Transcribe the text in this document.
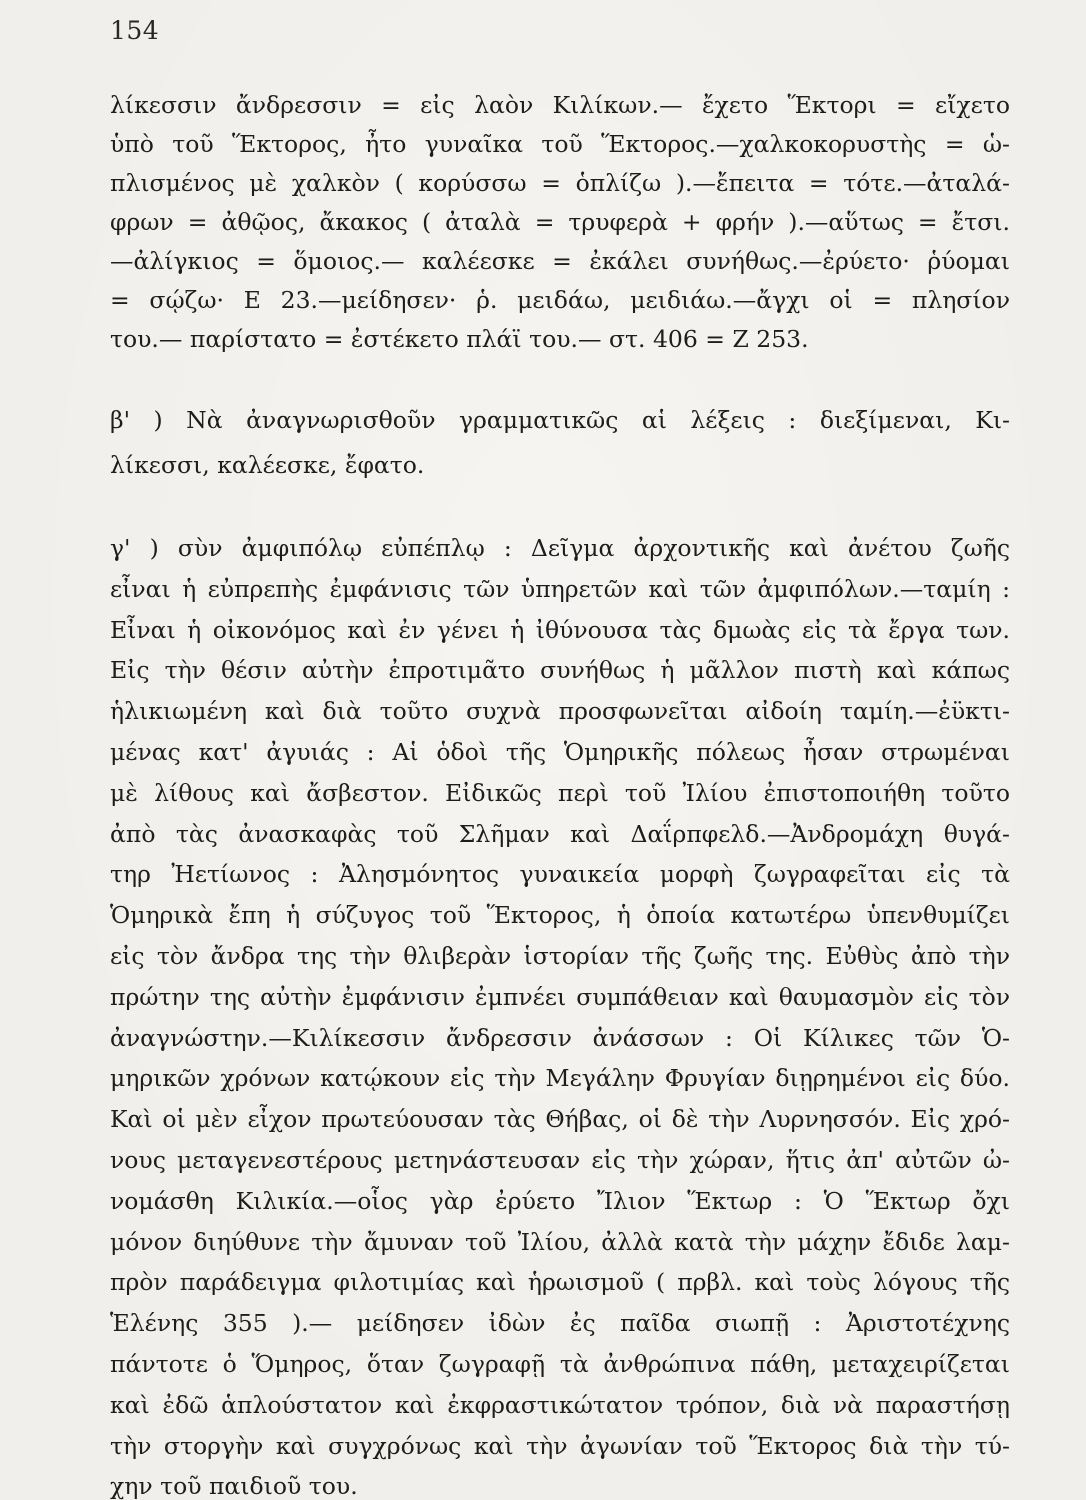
154
λίκεσσιν ἄνδρεσσιν = εἰς λαὸν Κιλίκων.— ἔχετο Ἕκτορι = εἴχετο
ὑπὸ τοῦ Ἕκτορος, ἦτο γυναῖκα τοῦ Ἕκτορος.—χαλκοκορυστὴς = ὡ-
πλισμένος μὲ χαλκὸν ( κορύσσω = ὁπλίζω ).—ἔπειτα = τότε.—ἀταλά-
φρων = ἀθῷος, ἄκακος ( ἀταλὰ = τρυφερὰ + φρήν ).—αὕτως = ἔτσι.
—ἀλίγκιος = ὅμοιος.— καλέεσκε = ἐκάλει συνήθως.—ἐρύετο· ῥύομαι
= σῴζω· Ε 23.—μείδησεν· ῥ. μειδάω, μειδιάω.—ἄγχι οἱ = πλησίον
του.— παρίστατο = ἐστέκετο πλάϊ του.— στ. 406 = Ζ 253.
β' ) Νὰ ἀναγνωρισθοῦν γραμματικῶς αἱ λέξεις : διεξίμεναι, Κι-
λίκεσσι, καλέεσκε, ἔφατο.
γ' ) σὺν ἀμφιπόλῳ εὐπέπλῳ : Δεῖγμα ἀρχοντικῆς καὶ ἀνέτου ζωῆς
εἶναι ἡ εὐπρεπὴς ἐμφάνισις τῶν ὑπηρετῶν καὶ τῶν ἀμφιπόλων.—ταμίη :
Εἶναι ἡ οἰκονόμος καὶ ἐν γένει ἡ ἰθύνουσα τὰς δμωὰς εἰς τὰ ἔργα των.
Εἰς τὴν θέσιν αὐτὴν ἐπροτιμᾶτο συνήθως ἡ μᾶλλον πιστὴ καὶ κάπως
ἡλικιωμένη καὶ διὰ τοῦτο συχνὰ προσφωνεῖται αἰδοίη ταμίη.—ἐϋκτι-
μένας κατ' ἀγυιάς : Αἱ ὁδοὶ τῆς Ὁμηρικῆς πόλεως ἦσαν στρωμέναι
μὲ λίθους καὶ ἄσβεστον. Εἰδικῶς περὶ τοῦ Ἰλίου ἐπιστοποιήθη τοῦτο
ἀπὸ τὰς ἀνασκαφὰς τοῦ Σλῆμαν καὶ Δαΐρπφελδ.—Ἀνδρομάχη θυγά-
τηρ Ἠετίωνος : Ἀλησμόνητος γυναικεία μορφὴ ζωγραφεῖται εἰς τὰ
Ὁμηρικὰ ἔπη ἡ σύζυγος τοῦ Ἕκτορος, ἡ ὁποία κατωτέρω ὑπενθυμίζει
εἰς τὸν ἄνδρα της τὴν θλιβερὰν ἱστορίαν τῆς ζωῆς της. Εὐθὺς ἀπὸ τὴν
πρώτην της αὐτὴν ἐμφάνισιν ἐμπνέει συμπάθειαν καὶ θαυμασμὸν εἰς τὸν
ἀναγνώστην.—Κιλίκεσσιν ἄνδρεσσιν ἀνάσσων : Οἱ Κίλικες τῶν Ὁ-
μηρικῶν χρόνων κατῴκουν εἰς τὴν Μεγάλην Φρυγίαν διῃρημένοι εἰς δύο.
Καὶ οἱ μὲν εἶχον πρωτεύουσαν τὰς Θήβας, οἱ δὲ τὴν Λυρνησσόν. Εἰς χρό-
νους μεταγενεστέρους μετηνάστευσαν εἰς τὴν χώραν, ἥτις ἀπ' αὐτῶν ὠ-
νομάσθη Κιλικία.—οἷος γὰρ ἐρύετο Ἴλιον Ἕκτωρ : Ὁ Ἕκτωρ ὄχι
μόνον διηύθυνε τὴν ἄμυναν τοῦ Ἰλίου, ἀλλὰ κατὰ τὴν μάχην ἔδιδε λαμ-
πρὸν παράδειγμα φιλοτιμίας καὶ ἡρωισμοῦ ( πρβλ. καὶ τοὺς λόγους τῆς
Ἑλένης 355 ).— μείδησεν ἰδὼν ἐς παῖδα σιωπῇ : Ἀριστοτέχνης
πάντοτε ὁ Ὅμηρος, ὅταν ζωγραφῇ τὰ ἀνθρώπινα πάθη, μεταχειρίζεται
καὶ ἐδῶ ἁπλούστατον καὶ ἐκφραστικώτατον τρόπον, διὰ νὰ παραστήσῃ
τὴν στοργὴν καὶ συγχρόνως καὶ τὴν ἀγωνίαν τοῦ Ἕκτορος διὰ τὴν τύ-
χην τοῦ παιδιοῦ του.
